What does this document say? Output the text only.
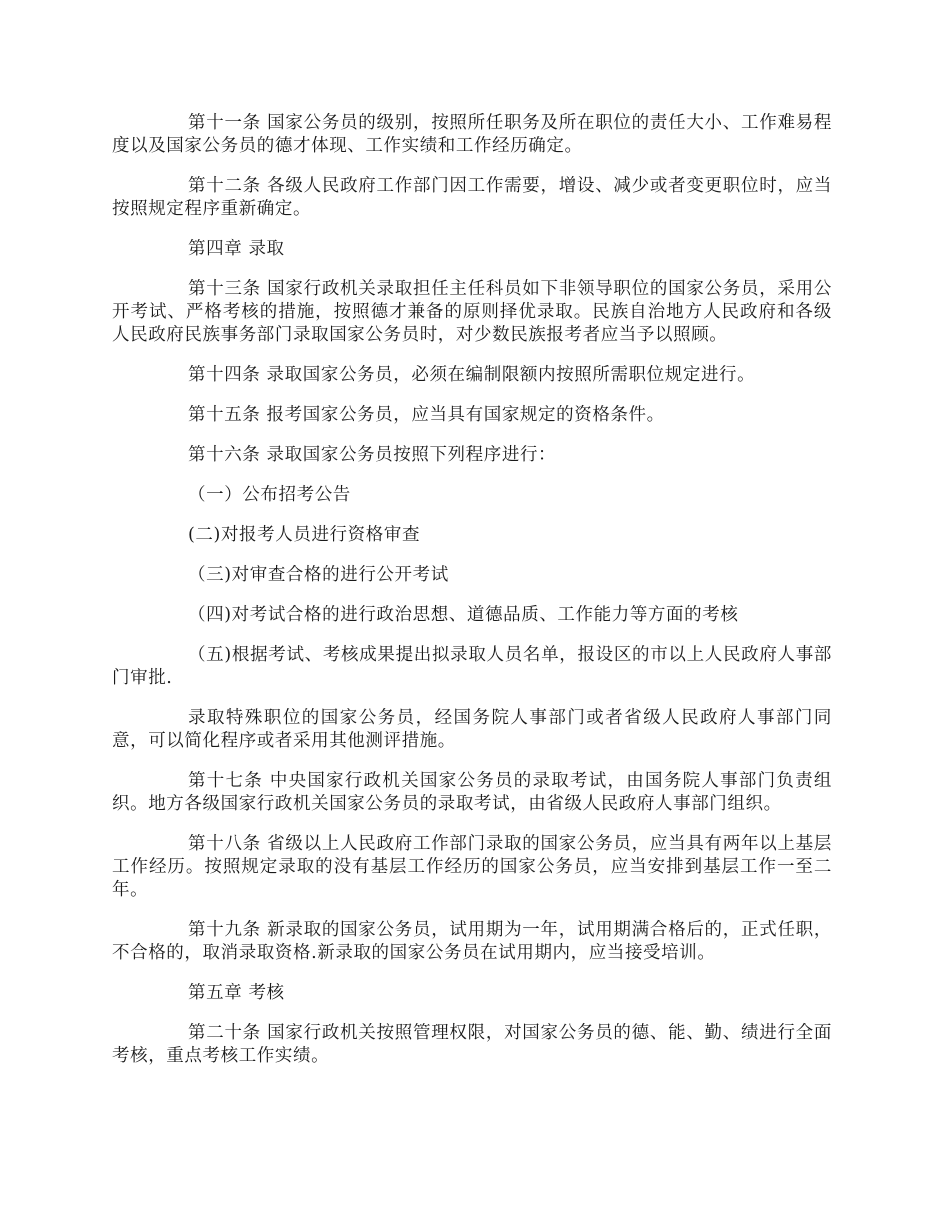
第十一条 国家公务员的级别，按照所任职务及所在职位的责任大小、工作难易程度以及国家公务员的德才体现、工作实绩和工作经历确定。

第十二条 各级人民政府工作部门因工作需要，增设、减少或者变更职位时，应当按照规定程序重新确定。

第四章 录取

第十三条 国家行政机关录取担任主任科员如下非领导职位的国家公务员，采用公开考试、严格考核的措施，按照德才兼备的原则择优录取。民族自治地方人民政府和各级人民政府民族事务部门录取国家公务员时，对少数民族报考者应当予以照顾。

第十四条 录取国家公务员，必须在编制限额内按照所需职位规定进行。

第十五条 报考国家公务员，应当具有国家规定的资格条件。

第十六条 录取国家公务员按照下列程序进行：

（一）公布招考公告

(二)对报考人员进行资格审查

（三)对审查合格的进行公开考试

（四)对考试合格的进行政治思想、道德品质、工作能力等方面的考核

（五)根据考试、考核成果提出拟录取人员名单，报设区的市以上人民政府人事部门审批.

录取特殊职位的国家公务员，经国务院人事部门或者省级人民政府人事部门同意，可以简化程序或者采用其他测评措施。

第十七条 中央国家行政机关国家公务员的录取考试，由国务院人事部门负责组织。地方各级国家行政机关国家公务员的录取考试，由省级人民政府人事部门组织。

第十八条 省级以上人民政府工作部门录取的国家公务员，应当具有两年以上基层工作经历。按照规定录取的没有基层工作经历的国家公务员，应当安排到基层工作一至二年。

第十九条 新录取的国家公务员，试用期为一年，试用期满合格后的，正式任职，不合格的，取消录取资格.新录取的国家公务员在试用期内，应当接受培训。

第五章 考核

第二十条 国家行政机关按照管理权限，对国家公务员的德、能、勤、绩进行全面考核，重点考核工作实绩。
